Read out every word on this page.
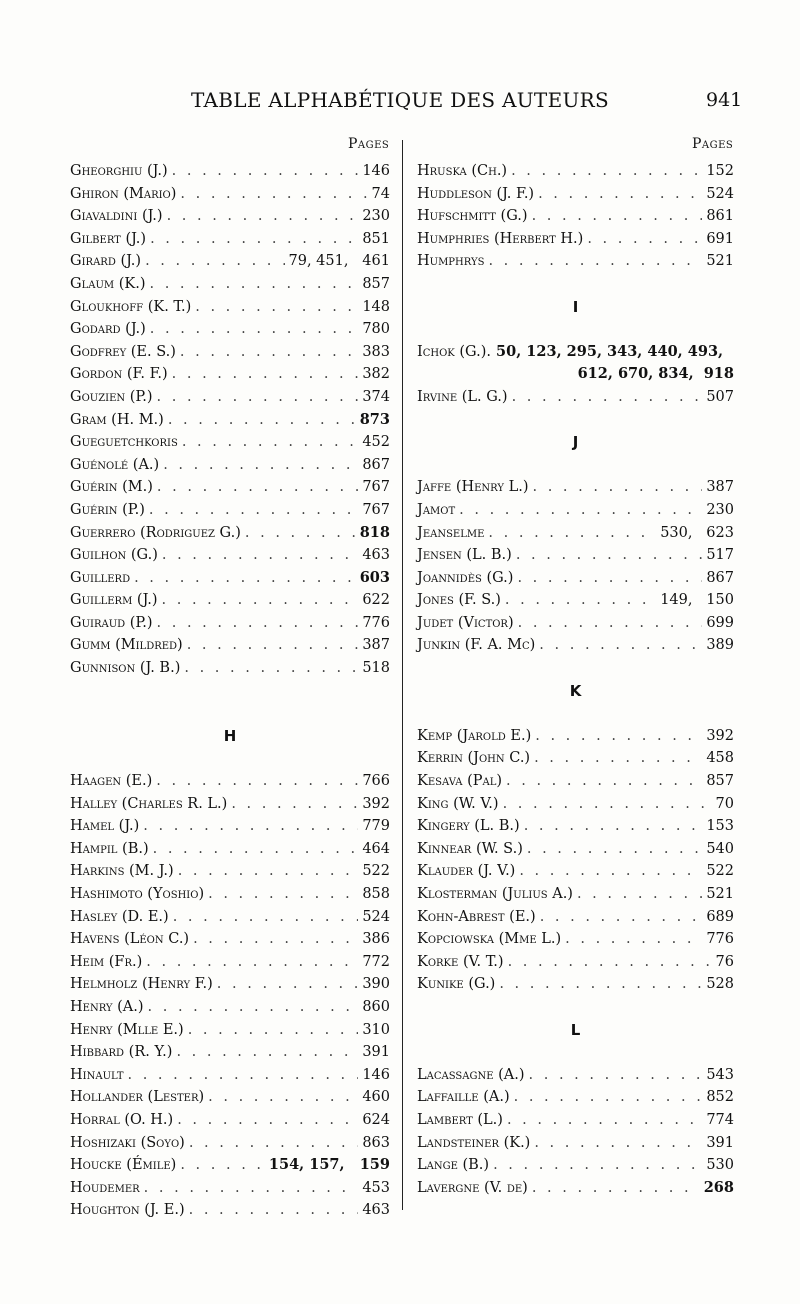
TABLE ALPHABÉTIQUE DES AUTEURS	941
Pages	Pages
Gheorghiu (J.) . . .	146
Ghiron (Mario) . . .	74
Giavaldini (J.) . . .	230
Gilbert (J.) . . .	851
Girard (J.) . . .	79, 451, 461
Glaum (K.) . . .	857
Gloukhoff (K. T.) . . .	148
Godard (J.) . . .	780
Godfrey (E. S.) . . .	383
Gordon (F. F.) . . .	382
Gouzien (P.) . . .	374
Gram (H. M.) . . .	873
Gueguetchkoris . . .	452
Guénolé (A.) . . .	867
Guérin (M.) . . .	767
Guérin (P.) . . .	767
Guerrero (Rodriguez G.) . . .	818
Guilhon (G.) . . .	463
Guillerd . . .	603
Guillerm (J.) . . .	622
Guiraud (P.) . . .	776
Gumm (Mildred) . . .	387
Gunnison (J. B.) . . .	518
H
Haagen (E.) . . .	766
Halley (Charles R. L.) . . .	392
Hamel (J.) . . .	779
Hampil (B.) . . .	464
Harkins (M. J.) . . .	522
Hashimoto (Yoshio) . . .	858
Hasley (D. E.) . . .	524
Havens (Léon C.) . . .	386
Heim (Fr.) . . .	772
Helmholz (Henry F.) . . .	390
Henry (A.) . . .	860
Henry (Mlle E.) . . .	310
Hibbard (R. Y.) . . .	391
Hinault . . .	146
Hollander (Lester) . . .	460
Horral (O. H.) . . .	624
Hoshizaki (Soyo) . . .	863
Houcke (Émile) . . .	154, 157, 159
Houdemer . . .	453
Houghton (J. E.) . . .	463
Hruska (Ch.) . . .	152
Huddleson (J. F.) . . .	524
Hufschmitt (G.) . . .	861
Humphries (Herbert H.) . . .	691
Humphrys . . .	521
I
Ichok (G.). 50, 123, 295, 343, 440, 493,
612, 670, 834, 918
Irvine (L. G.) . . .	507
J
Jaffe (Henry L.) . . .	387
Jamot . . .	230
Jeanselme . . .	530, 623
Jensen (L. B.) . . .	517
Joannidès (G.) . . .	867
Jones (F. S.) . . .	149, 150
Judet (Victor) . . .	699
Junkin (F. A. Mc) . . .	389
K
Kemp (Jarold E.) . . .	392
Kerrin (John C.) . . .	458
Kesava (Pal) . . .	857
King (W. V.) . . .	70
Kingery (L. B.) . . .	153
Kinnear (W. S.) . . .	540
Klauder (J. V.) . . .	522
Klosterman (Julius A.) . . .	521
Kohn-Abrest (E.) . . .	689
Kopciowska (Mme L.) . . .	776
Korke (V. T.) . . .	76
Kunike (G.) . . .	528
L
Lacassagne (A.) . . .	543
Laffaille (A.) . . .	852
Lambert (L.) . . .	774
Landsteiner (K.) . . .	391
Lange (B.) . . .	530
Lavergne (V. de) . . .	268
